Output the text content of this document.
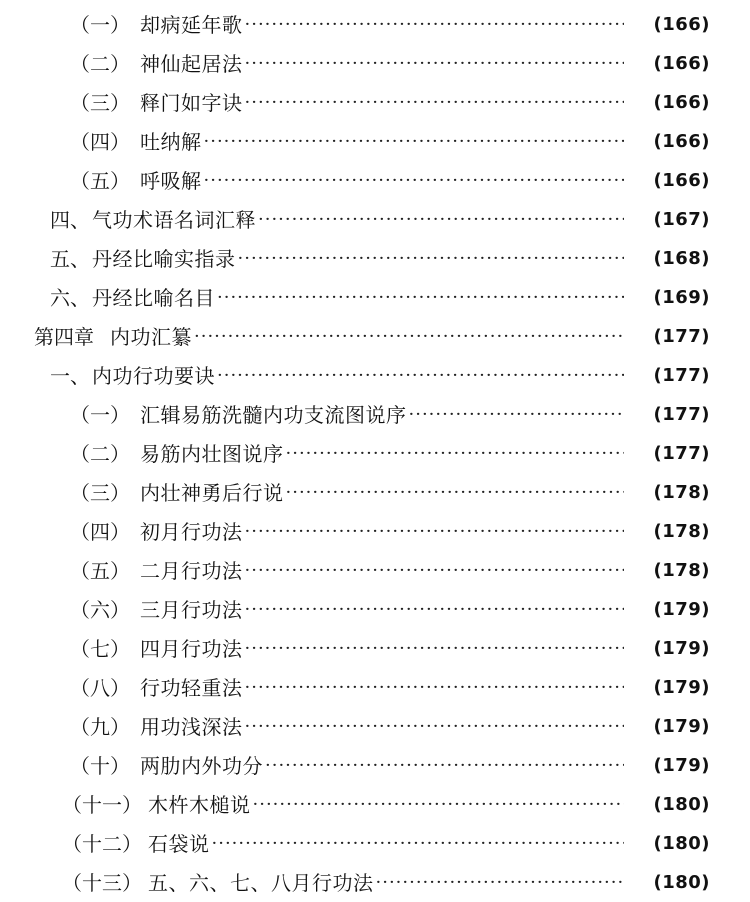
（一） 却病延年歌 ·····	(166)
（二） 神仙起居法 ·····	(166)
（三） 释门如字诀 ·····	(166)
（四） 吐纳解 ·····	(166)
（五） 呼吸解 ·····	(166)
四、 气功术语名词汇释 ·····	(167)
五、 丹经比喻实指录 ·····	(168)
六、 丹经比喻名目 ·····	(169)
第四章 内功汇纂 ·····	(177)
一、 内功行功要诀 ·····	(177)
（一） 汇辑易筋洗髓内功支流图说序 ·····	(177)
（二） 易筋内壮图说序 ·····	(177)
（三） 内壮神勇后行说 ·····	(178)
（四） 初月行功法 ·····	(178)
（五） 二月行功法 ·····	(178)
（六） 三月行功法 ·····	(179)
（七） 四月行功法 ·····	(179)
（八） 行功轻重法 ·····	(179)
（九） 用功浅深法 ·····	(179)
（十） 两肋内外功分 ·····	(179)
（十一） 木杵木槌说 ·····	(180)
（十二） 石袋说 ·····	(180)
（十三） 五、六、七、八月行功法 ·····	(180)
